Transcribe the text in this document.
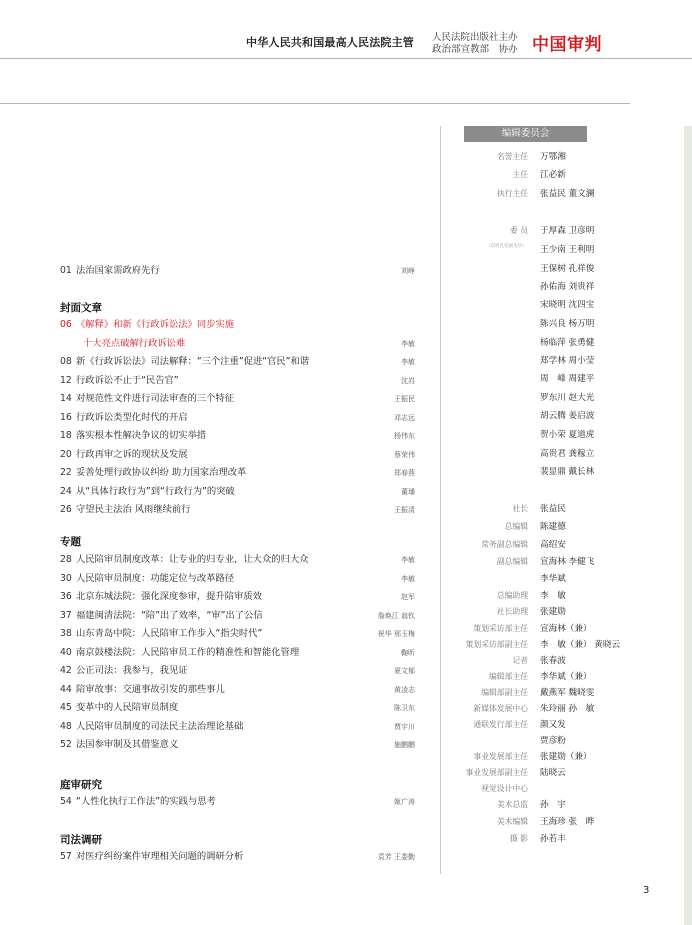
中华人民共和国最高人民法院主管 人民法院出版社主办
政治部宣教部　协办 中国审判
01 法治国家需政府先行	刘峥
封面文章
06 《解释》和新《行政诉讼法》同步实施
十大亮点破解行政诉讼难	李敏
08 新《行政诉讼法》司法解释：“三个注重”促进“官民”和谐	李敏
12 行政诉讼不止于“民告官”	沈岿
14 对规范性文件进行司法审查的三个特征	王振民
16 行政诉讼类型化时代的开启	邓志远
18 落实根本性解决争议的切实举措	杨伟东
20 行政再审之诉的现状及发展	蔡荣伟
22 妥善处理行政协议纠纷 助力国家治理改革	郑春燕
24 从“具体行政行为”到“行政行为”的突破	董璠
26 守望民主法治 风雨继续前行	王振清
专题
28 人民陪审员制度改革：让专业的归专业，让大众的归大众	李敏
30 人民陪审员制度：功能定位与改革路径	李敏
36 北京东城法院：强化深度参审，提升陪审质效	赵军
37 福建闽清法院：“陪”出了效率，“审”出了公信	詹焕江 翁钦
38 山东青岛中院：人民陪审工作步入“指尖时代”	祝华 邢玉梅
40 南京鼓楼法院：人民陪审员工作的精准性和智能化管理	鞠昕
42 公正司法：我参与，我见证	夏文郁
44 陪审故事：交通事故引发的那些事儿	黄凌志
45 变革中的人民陪审员制度	陈卫东
48 人民陪审员制度的司法民主法治理论基础	贾宇川
52 法国参审制及其借鉴意义	施鹏鹏
庭审研究
54 “人性化执行工作法”的实践与思考	姬广涛
司法调研
57 对医疗纠纷案件审理相关问题的调研分析	袁芳 王娄勤
编辑委员会
（以姓氏笔画为序）
名誉主任 万鄂湘
主任 江必新
执行主任 张益民 董文澜
委 员 于厚森 卫彦明
王少南 王利明
王保树 孔祥俊
孙佑海 刘贵祥
宋晓明 沈四宝
陈兴良 杨万明
杨临萍 张勇健
郑学林 周小莹
周　峰 周建平
罗东川 赵大光
胡云腾 姜启波
贺小荣 夏道虎
高贵君 龚稼立
裴显鼎 戴长林
社长 张益民
总编辑 陈建德
常务副总编辑 高绍安
副总编辑 宣海林 李健飞
李华斌
总编助理 李　敏
社长助理 张建勋
策划采访部主任 宣海林（兼）
策划采访部副主任 李　敏（兼） 黄晓云
记者 张春波
编辑部主任 李华斌（兼）
编辑部副主任 戴燕军 魏晓雯
新媒体发展中心 朱玲丽 孙　敏
通联发行部主任 颜又发
贾彦粉
事业发展部主任 张建勋（兼）
事业发展部副主任 陆晓云
视觉设计中心
美术总监 孙　宇
美术编辑 王海珍 张　晔
摄 影 孙若丰
3
